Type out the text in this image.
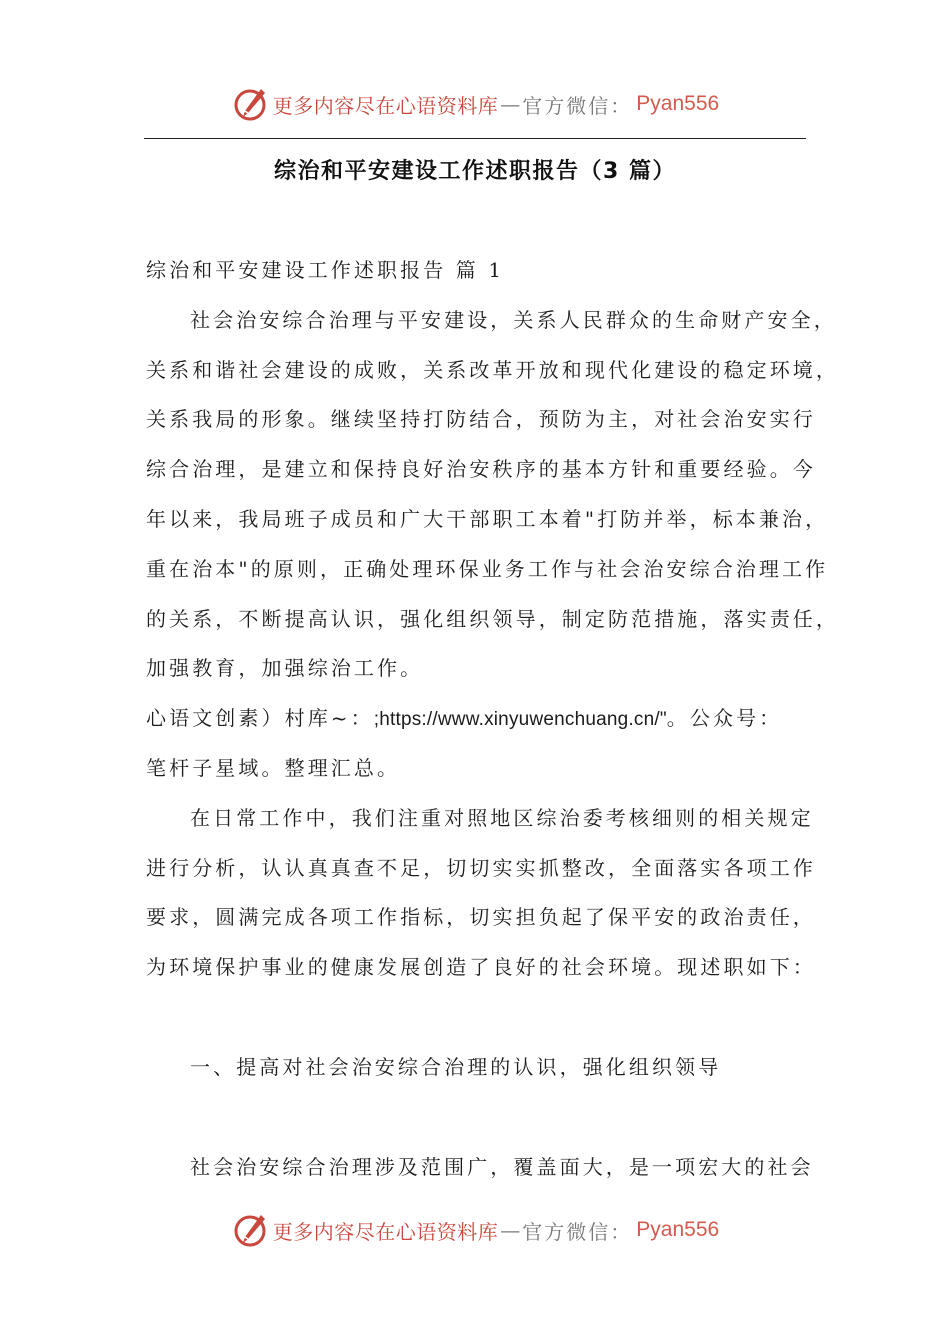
更多内容尽在心语资料库 — 官方微信： Pyan556
综治和平安建设工作述职报告（3 篇）
综治和平安建设工作述职报告 篇 1
社会治安综合治理与平安建设，关系人民群众的生命财产安全，
关系和谐社会建设的成败，关系改革开放和现代化建设的稳定环境，
关系我局的形象。继续坚持打防结合，预防为主，对社会治安实行
综合治理，是建立和保持良好治安秩序的基本方针和重要经验。今
年以来，我局班子成员和广大干部职工本着"打防并举，标本兼治，
重在治本"的原则，正确处理环保业务工作与社会治安综合治理工作
的关系，不断提高认识，强化组织领导，制定防范措施，落实责任，
加强教育，加强综治工作。
心语文创素）村库~：;https://www.xinyuwenchuang.cn/"。公众号：
笔杆子星域。整理汇总。
在日常工作中，我们注重对照地区综治委考核细则的相关规定
进行分析，认认真真查不足，切切实实抓整改，全面落实各项工作
要求，圆满完成各项工作指标，切实担负起了保平安的政治责任，
为环境保护事业的健康发展创造了良好的社会环境。现述职如下：
一、提高对社会治安综合治理的认识，强化组织领导
社会治安综合治理涉及范围广，覆盖面大，是一项宏大的社会
更多内容尽在心语资料库 — 官方微信： Pyan556
